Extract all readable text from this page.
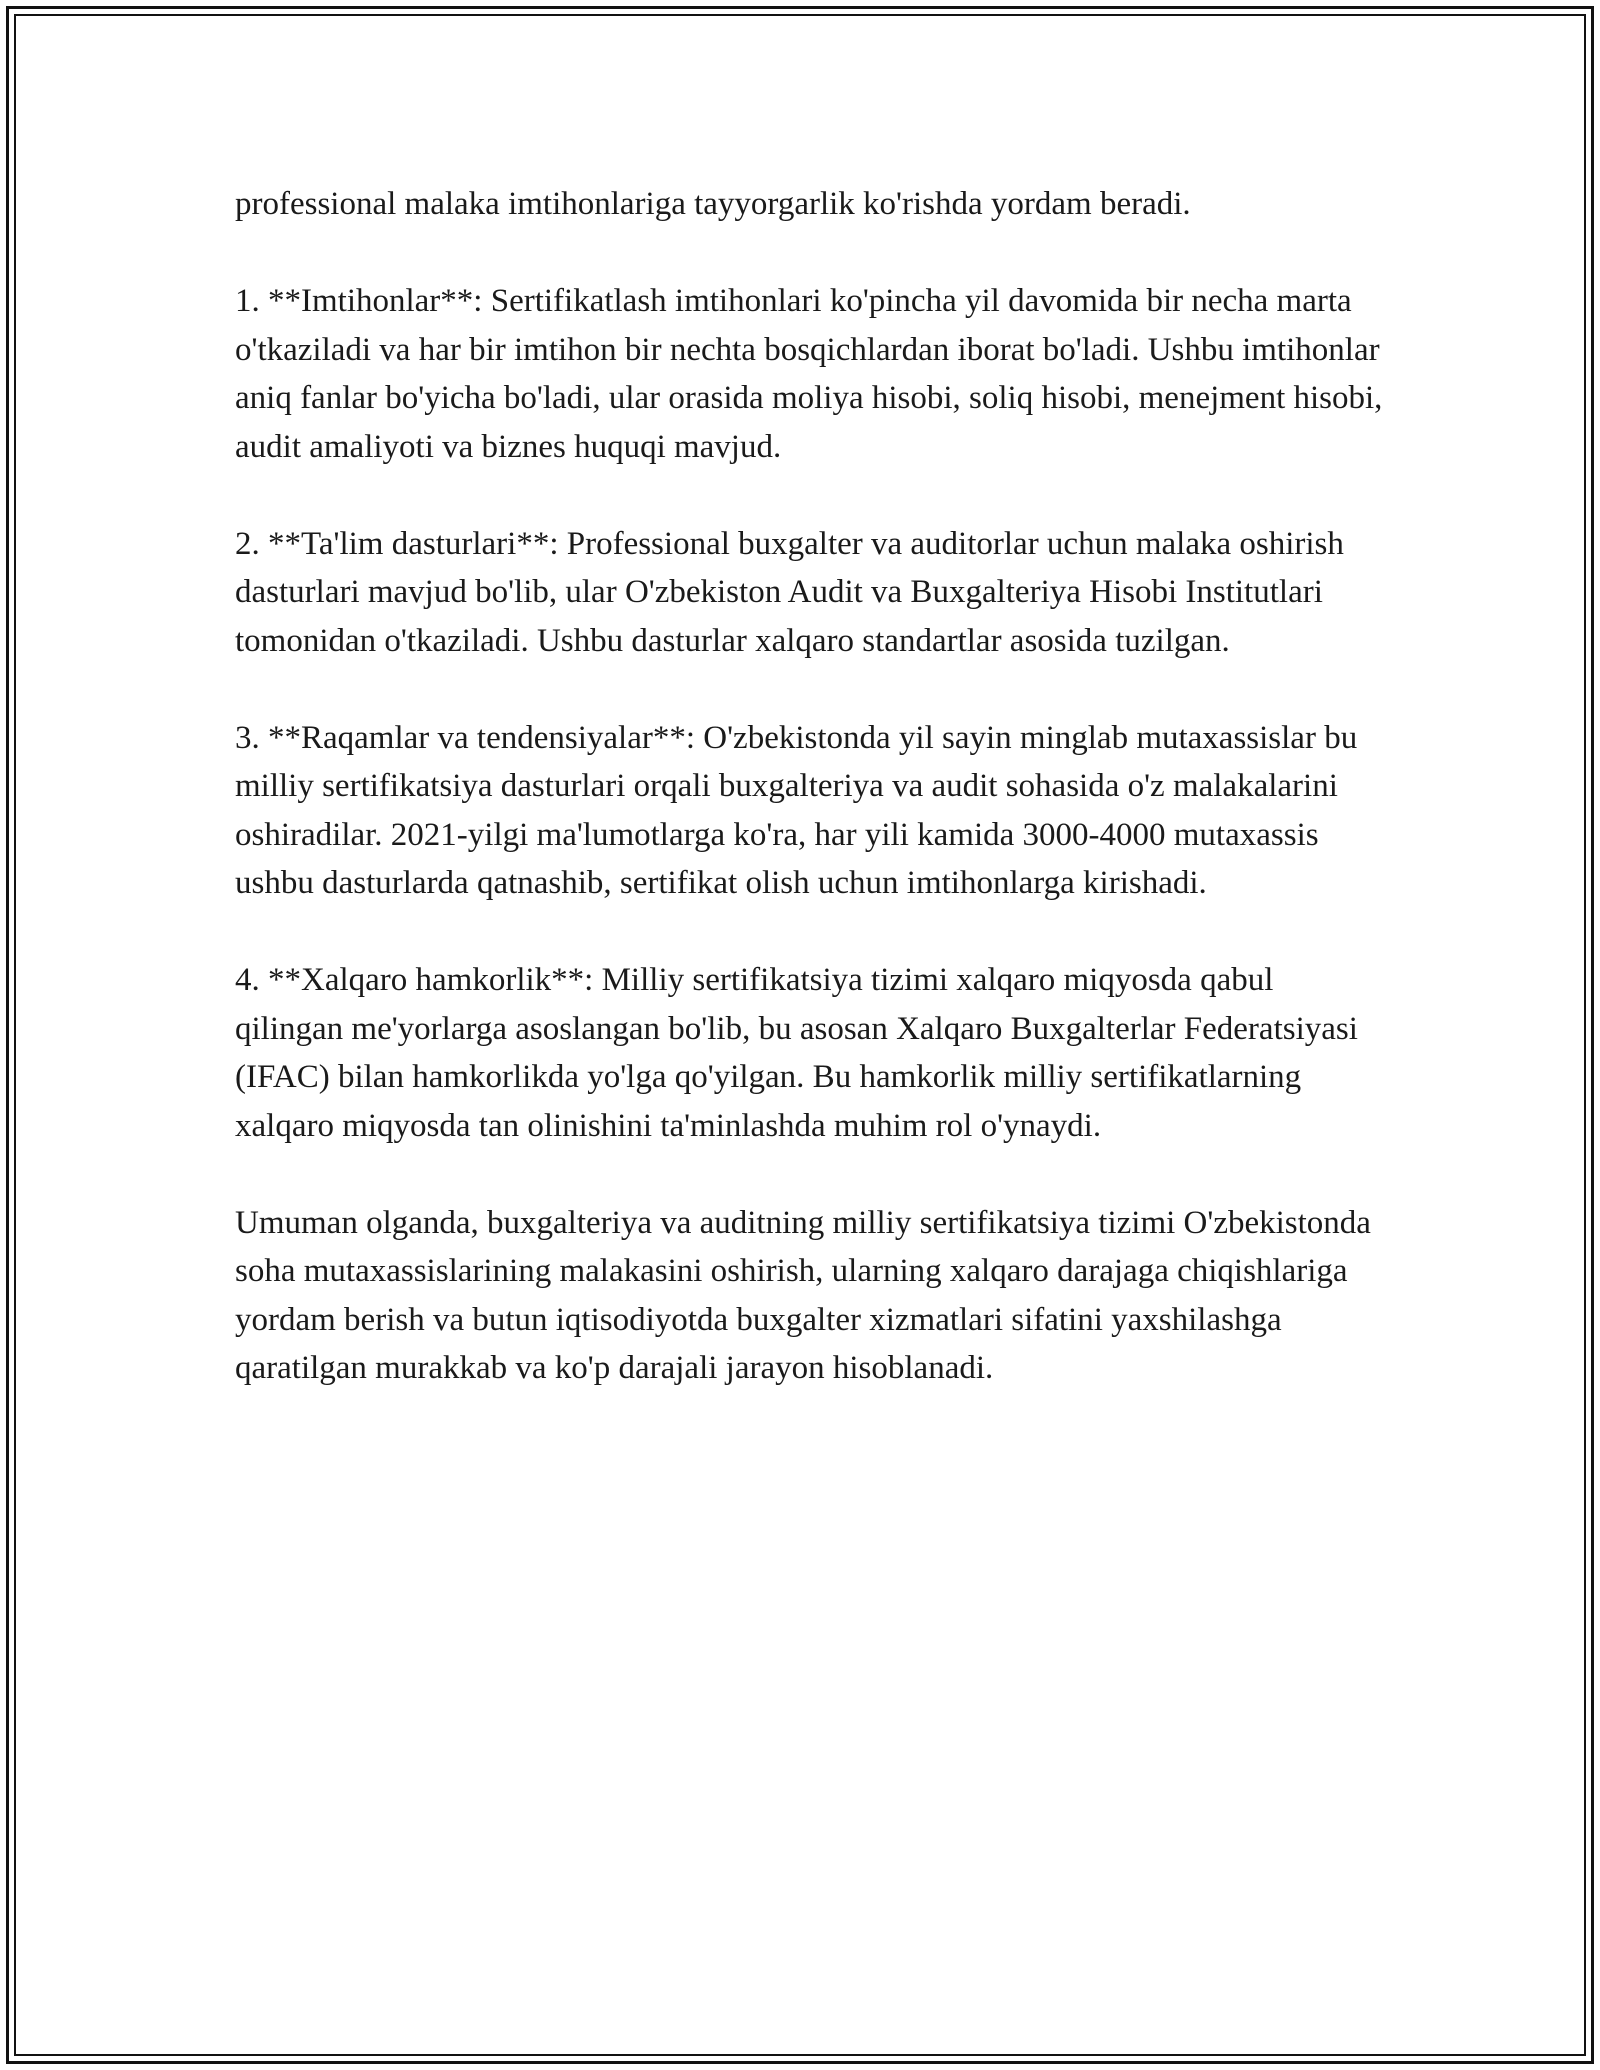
professional malaka imtihonlariga tayyorgarlik ko'rishda yordam beradi.

1. **Imtihonlar**: Sertifikatlash imtihonlari ko'pincha yil davomida bir necha marta o'tkaziladi va har bir imtihon bir nechta bosqichlardan iborat bo'ladi. Ushbu imtihonlar aniq fanlar bo'yicha bo'ladi, ular orasida moliya hisobi, soliq hisobi, menejment hisobi, audit amaliyoti va biznes huquqi mavjud.

2. **Ta'lim dasturlari**: Professional buxgalter va auditorlar uchun malaka oshirish dasturlari mavjud bo'lib, ular O'zbekiston Audit va Buxgalteriya Hisobi Institutlari tomonidan o'tkaziladi. Ushbu dasturlar xalqaro standartlar asosida tuzilgan.

3. **Raqamlar va tendensiyalar**: O'zbekistonda yil sayin minglab mutaxassislar bu milliy sertifikatsiya dasturlari orqali buxgalteriya va audit sohasida o'z malakalarini oshiradilar. 2021-yilgi ma'lumotlarga ko'ra, har yili kamida 3000-4000 mutaxassis ushbu dasturlarda qatnashib, sertifikat olish uchun imtihonlarga kirishadi.

4. **Xalqaro hamkorlik**: Milliy sertifikatsiya tizimi xalqaro miqyosda qabul qilingan me'yorlarga asoslangan bo'lib, bu asosan Xalqaro Buxgalterlar Federatsiyasi (IFAC) bilan hamkorlikda yo'lga qo'yilgan. Bu hamkorlik milliy sertifikatlarning xalqaro miqyosda tan olinishini ta'minlashda muhim rol o'ynaydi.

Umuman olganda, buxgalteriya va auditning milliy sertifikatsiya tizimi O'zbekistonda soha mutaxassislarining malakasini oshirish, ularning xalqaro darajaga chiqishlariga yordam berish va butun iqtisodiyotda buxgalter xizmatlari sifatini yaxshilashga qaratilgan murakkab va ko'p darajali jarayon hisoblanadi.
